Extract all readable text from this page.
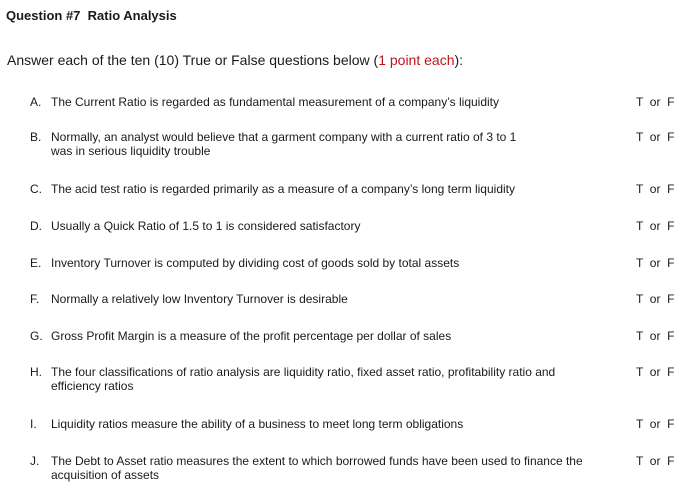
Question #7  Ratio Analysis
Answer each of the ten (10) True or False questions below (1 point each):
A. The Current Ratio is regarded as fundamental measurement of a company’s liquidity	T  or  F
B. Normally, an analyst would believe that a garment company with a current ratio of 3 to 1 was in serious liquidity trouble
T  or  F
C. The acid test ratio is regarded primarily as a measure of a company’s long term liquidity	T  or  F
D. Usually a Quick Ratio of 1.5 to 1 is considered satisfactory	T  or  F
E. Inventory Turnover is computed by dividing cost of goods sold by total assets	T  or  F
F. Normally a relatively low Inventory Turnover is desirable	T  or  F
G. Gross Profit Margin is a measure of the profit percentage per dollar of sales	T  or  F
H. The four classifications of ratio analysis are liquidity ratio, fixed asset ratio, profitability ratio and efficiency ratios
T  or  F
I. Liquidity ratios measure the ability of a business to meet long term obligations	T  or  F
J. The Debt to Asset ratio measures the extent to which borrowed funds have been used to finance the acquisition of assets
T  or  F
